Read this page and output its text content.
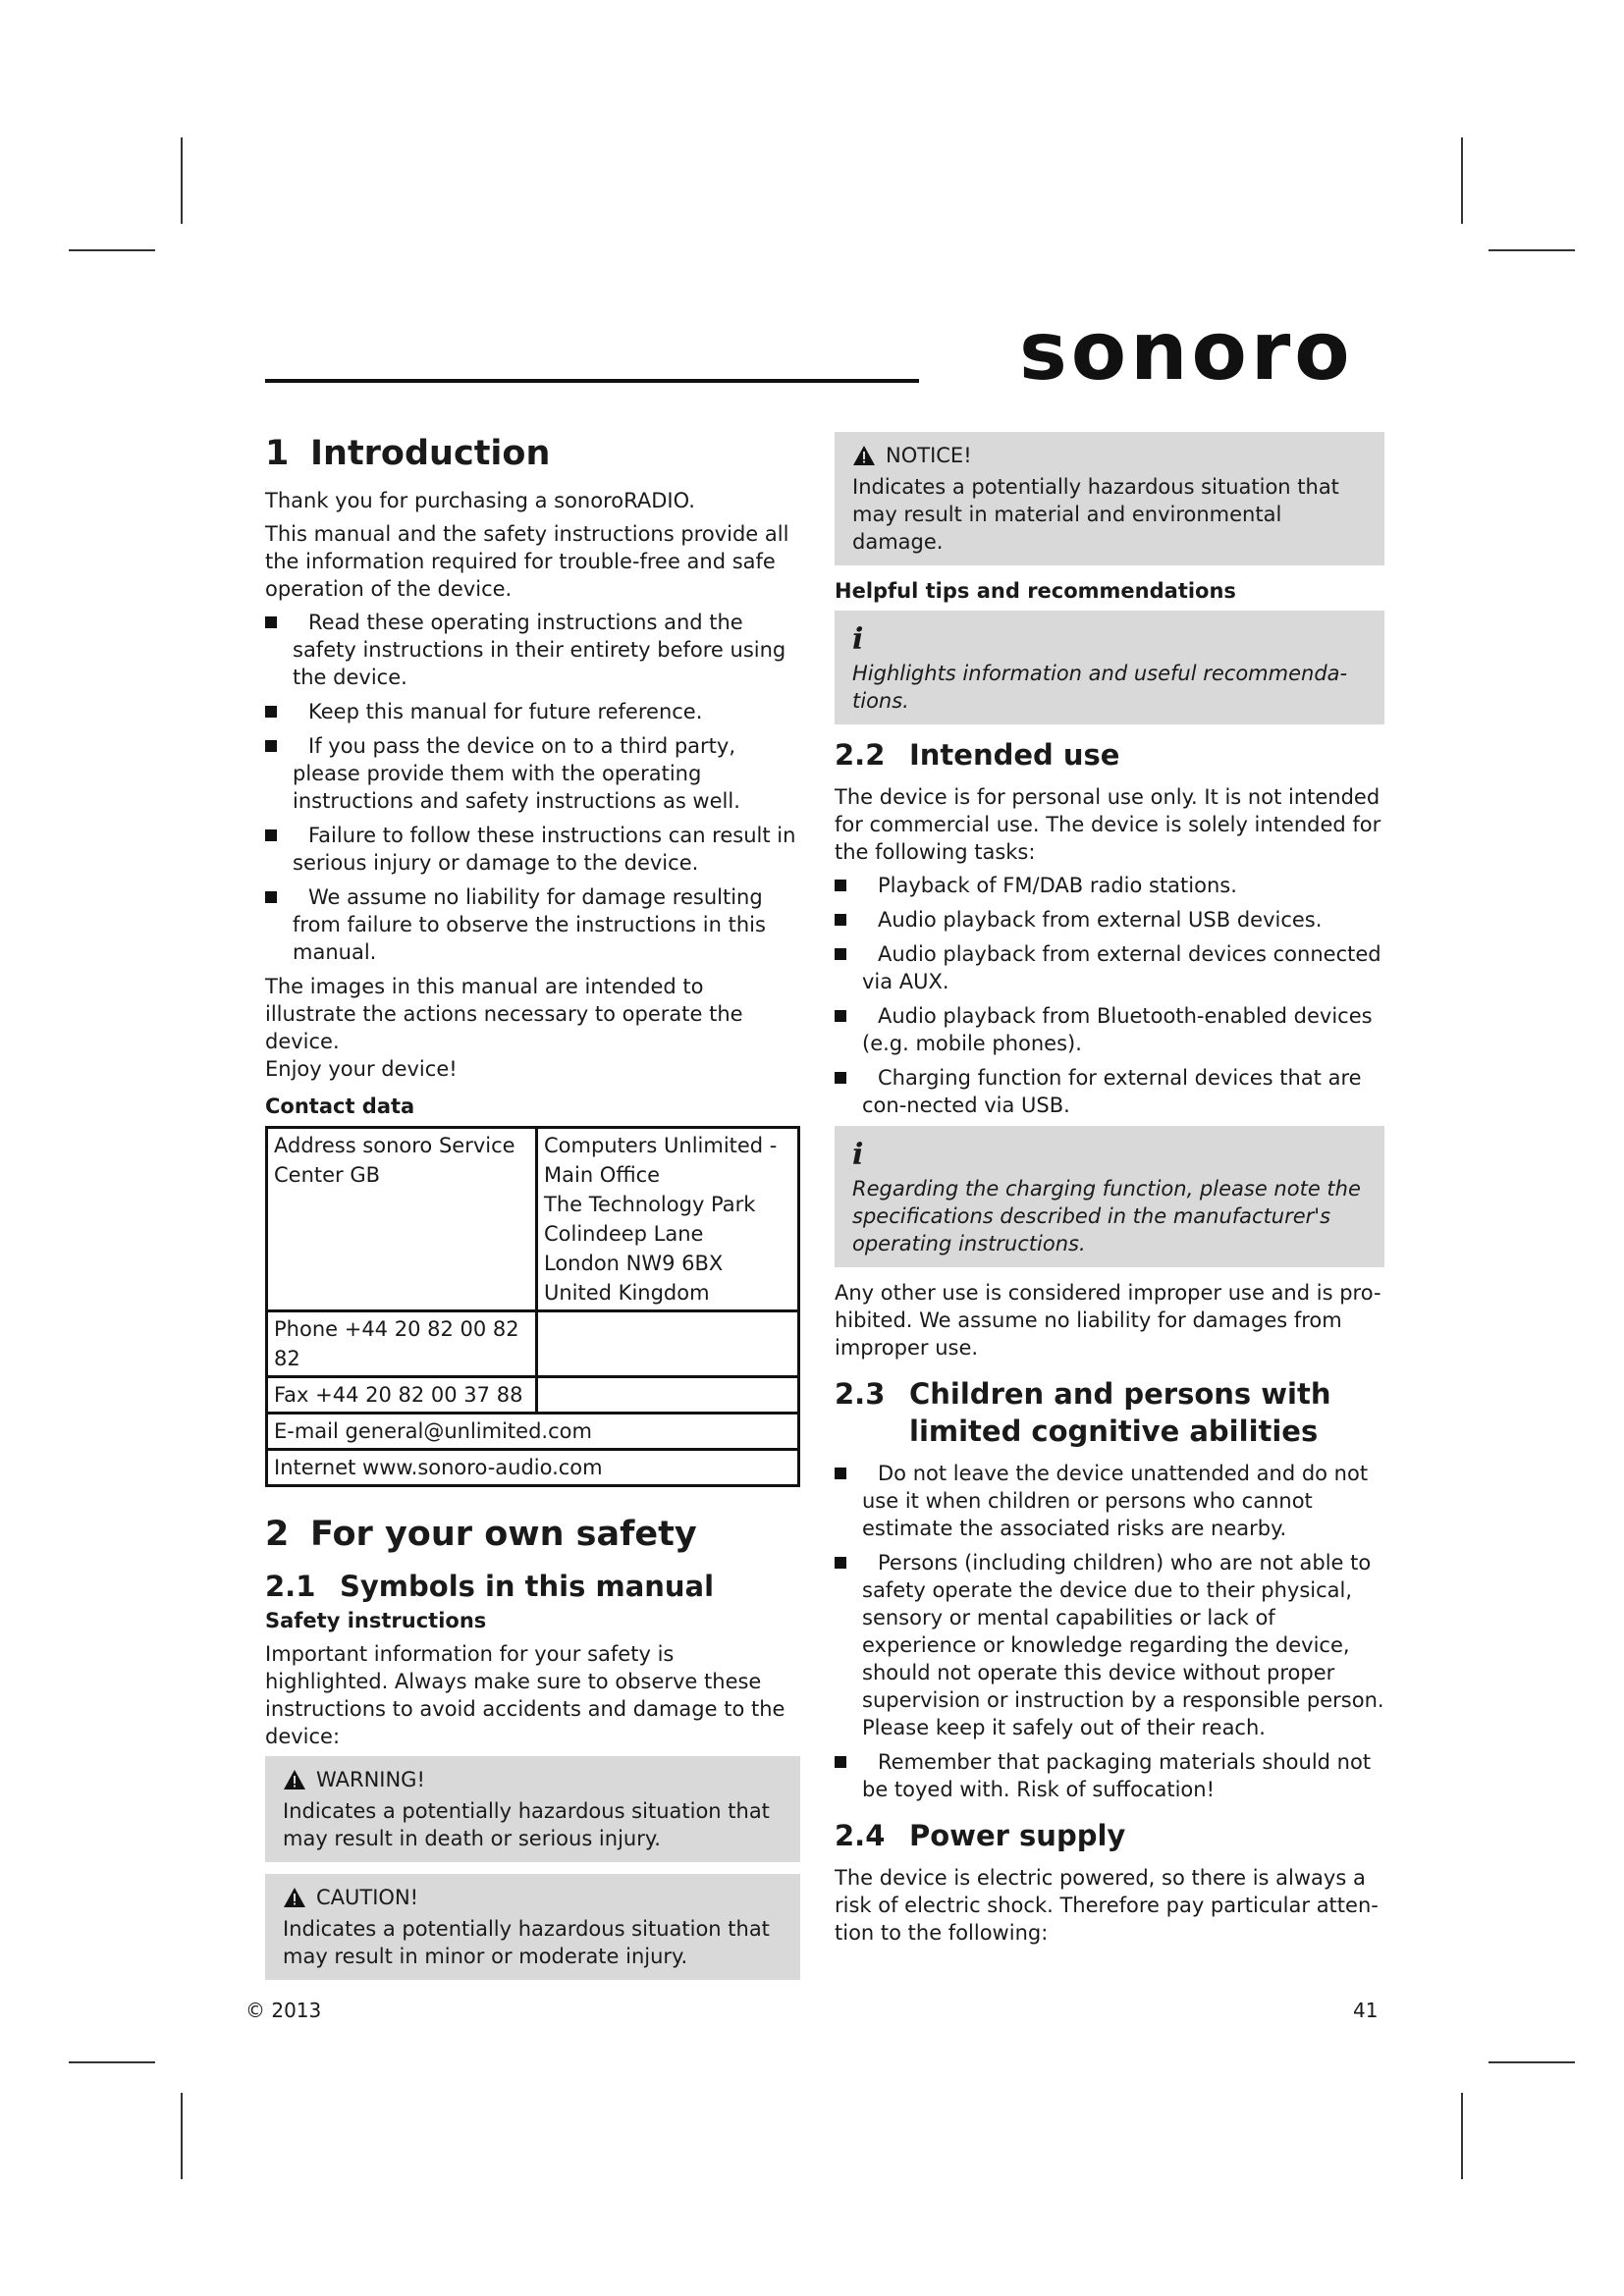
sonoro
1 Introduction

Thank you for purchasing a sonoroRADIO.

This manual and the safety instructions provide all the information required for trouble-free and safe operation of the device.

Read these operating instructions and the safety instructions in their entirety before using the device.
Keep this manual for future reference.
If you pass the device on to a third party, please provide them with the operating instructions and safety instructions as well.
Failure to follow these instructions can result in serious injury or damage to the device.
We assume no liability for damage resulting from failure to observe the instructions in this manual.

The images in this manual are intended to illustrate the actions necessary to operate the device.

Enjoy your device!

Contact data
Address sonoro Service Center GB	Computers Unlimited - Main Office
The Technology Park
Colindeep Lane
London NW9 6BX
United Kingdom

Phone +44 20 82 00 82 82	
Fax +44 20 82 00 37 88	
E-mail general@unlimited.com	
Internet www.sonoro-audio.com	
2 For your own safety
2.1 Symbols in this manual
Safety instructions

Important information for your safety is highlighted. Always make sure to observe these instructions to avoid accidents and damage to the device:

WARNING!
Indicates a potentially hazardous situation that may result in death or serious injury.
CAUTION!
Indicates a potentially hazardous situation that may result in minor or moderate injury.
NOTICE!
Indicates a potentially hazardous situation that may result in material and environmental damage.
Helpful tips and recommendations
i
Highlights information and useful recommenda-tions.
2.2 Intended use

The device is for personal use only. It is not intended for commercial use. The device is solely intended for the following tasks:

Playback of FM/DAB radio stations.
Audio playback from external USB devices.
Audio playback from external devices connected via AUX.
Audio playback from Bluetooth-enabled devices (e.g. mobile phones).
Charging function for external devices that are con-nected via USB.
i
Regarding the charging function, please note the specifications described in the manufacturer's operating instructions.

Any other use is considered improper use and is pro-hibited. We assume no liability for damages from improper use.

2.3 Children and persons with limited cognitive abilities
Do not leave the device unattended and do not use it when children or persons who cannot estimate the associated risks are nearby.
Persons (including children) who are not able to safety operate the device due to their physical, sensory or mental capabilities or lack of experience or knowledge regarding the device, should not operate this device without proper supervision or instruction by a responsible person. Please keep it safely out of their reach.
Remember that packaging materials should not be toyed with. Risk of suffocation!
2.4 Power supply

The device is electric powered, so there is always a risk of electric shock. Therefore pay particular atten-tion to the following:

© 2013	41
